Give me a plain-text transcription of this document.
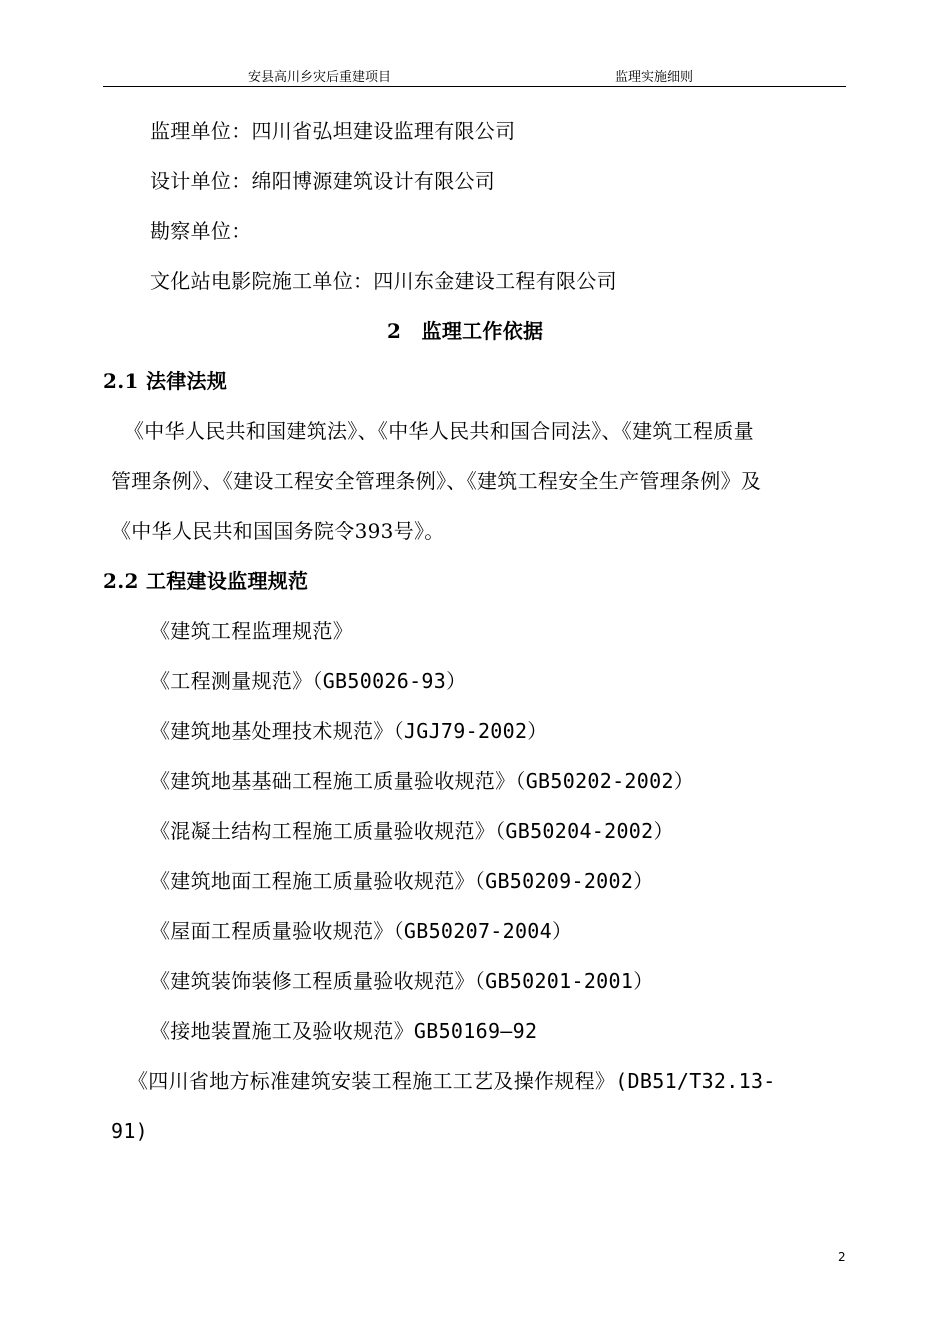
安县高川乡灾后重建项目	监理实施细则
监理单位：四川省弘坦建设监理有限公司
设计单位：绵阳博源建筑设计有限公司
勘察单位：
文化站电影院施工单位：四川东金建设工程有限公司
2　监理工作依据
2.1 法律法规
《中华人民共和国建筑法》、《中华人民共和国合同法》、《建筑工程质量
管理条例》、《建设工程安全管理条例》、《建筑工程安全生产管理条例》及
《中华人民共和国国务院令393号》。
2.2 工程建设监理规范
《建筑工程监理规范》
《工程测量规范》（GB50026-93）
《建筑地基处理技术规范》（JGJ79-2002）
《建筑地基基础工程施工质量验收规范》（GB50202-2002）
《混凝土结构工程施工质量验收规范》（GB50204-2002）
《建筑地面工程施工质量验收规范》（GB50209-2002）
《屋面工程质量验收规范》（GB50207-2004）
《建筑装饰装修工程质量验收规范》（GB50201-2001）
《接地装置施工及验收规范》GB50169—92
《四川省地方标准建筑安装工程施工工艺及操作规程》(DB51/T32.13-
91)
2
